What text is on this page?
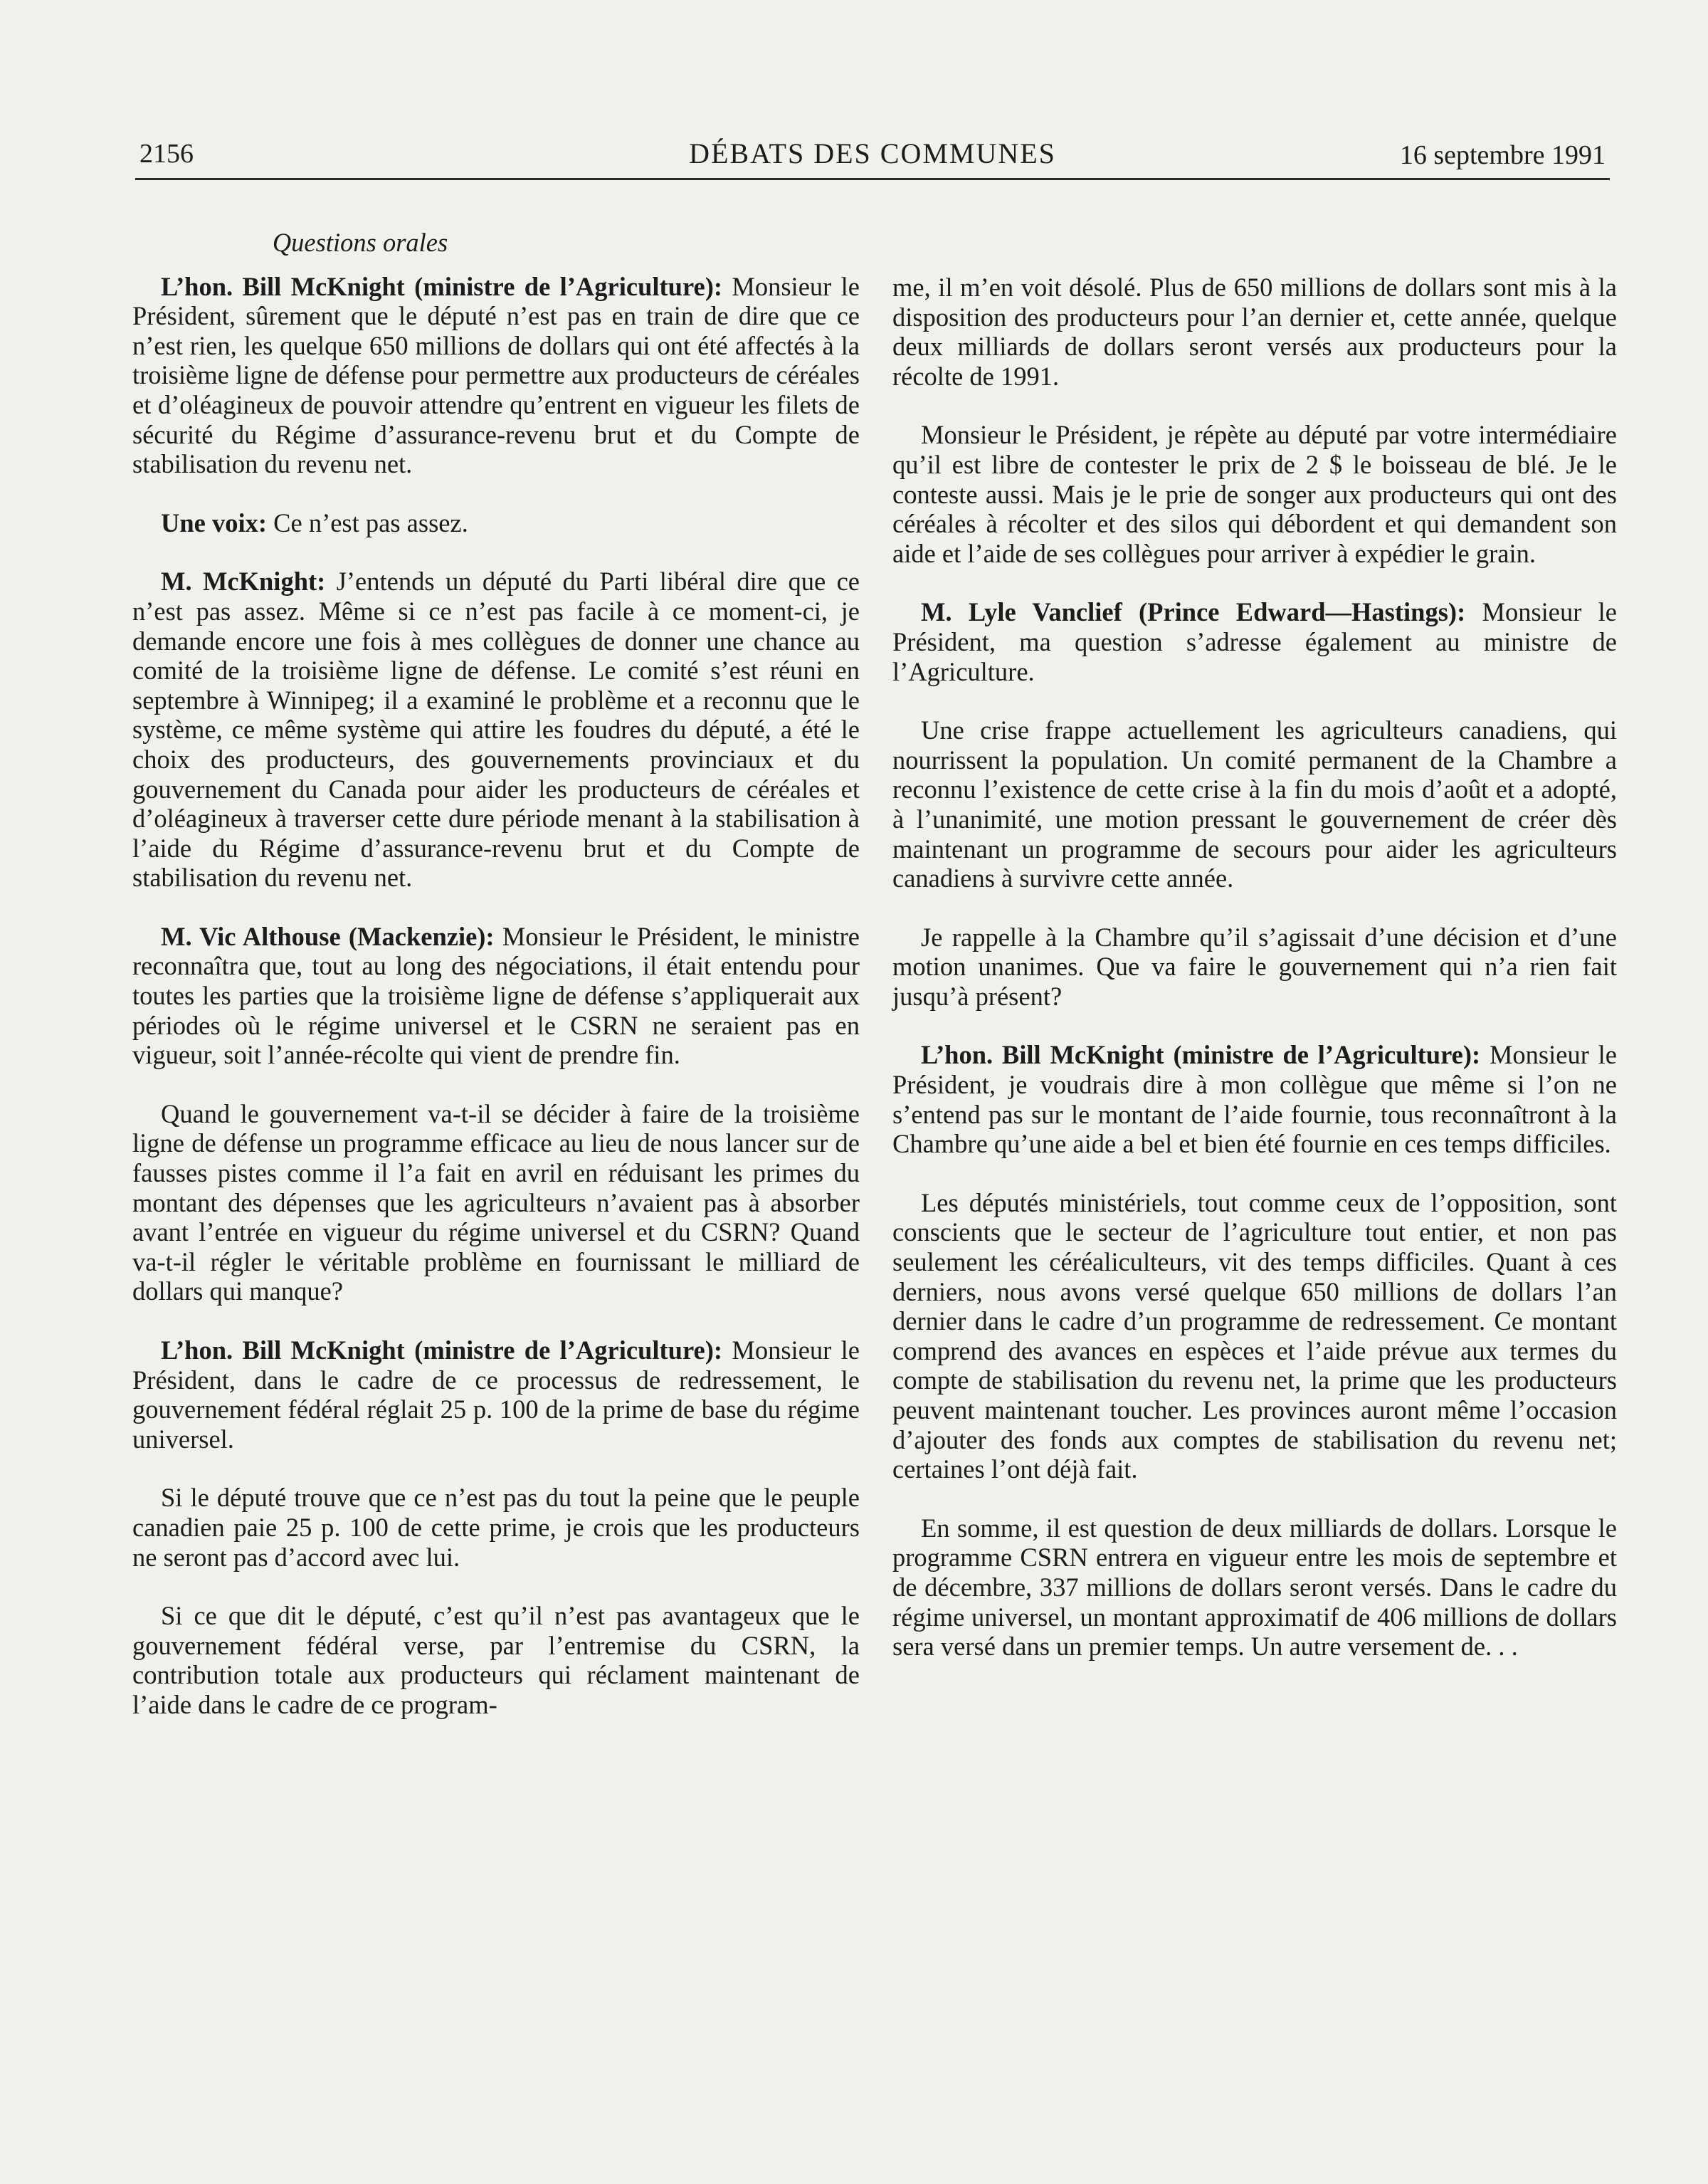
2156	DÉBATS DES COMMUNES	16 septembre 1991
Questions orales

L’hon. Bill McKnight (ministre de l’Agriculture): Monsieur le Président, sûrement que le député n’est pas en train de dire que ce n’est rien, les quelque 650 millions de dollars qui ont été affectés à la troisième ligne de défense pour permettre aux producteurs de céréales et d’oléagineux de pouvoir attendre qu’entrent en vigueur les filets de sécurité du Régime d’assurance-revenu brut et du Compte de stabilisation du revenu net.

Une voix: Ce n’est pas assez.

M. McKnight: J’entends un député du Parti libéral dire que ce n’est pas assez. Même si ce n’est pas facile à ce moment-ci, je demande encore une fois à mes collègues de donner une chance au comité de la troisième ligne de défense. Le comité s’est réuni en septembre à Winnipeg; il a examiné le problème et a reconnu que le système, ce même système qui attire les foudres du député, a été le choix des producteurs, des gouvernements provinciaux et du gouvernement du Canada pour aider les producteurs de céréales et d’oléagineux à traverser cette dure période menant à la stabilisation à l’aide du Régime d’assurance-revenu brut et du Compte de stabilisation du revenu net.

M. Vic Althouse (Mackenzie): Monsieur le Président, le ministre reconnaîtra que, tout au long des négociations, il était entendu pour toutes les parties que la troisième ligne de défense s’appliquerait aux périodes où le régime universel et le CSRN ne seraient pas en vigueur, soit l’année-récolte qui vient de prendre fin.

Quand le gouvernement va-t-il se décider à faire de la troisième ligne de défense un programme efficace au lieu de nous lancer sur de fausses pistes comme il l’a fait en avril en réduisant les primes du montant des dépenses que les agriculteurs n’avaient pas à absorber avant l’entrée en vigueur du régime universel et du CSRN? Quand va-t-il régler le véritable problème en fournissant le milliard de dollars qui manque?

L’hon. Bill McKnight (ministre de l’Agriculture): Monsieur le Président, dans le cadre de ce processus de redressement, le gouvernement fédéral réglait 25 p. 100 de la prime de base du régime universel.

Si le député trouve que ce n’est pas du tout la peine que le peuple canadien paie 25 p. 100 de cette prime, je crois que les producteurs ne seront pas d’accord avec lui.

Si ce que dit le député, c’est qu’il n’est pas avantageux que le gouvernement fédéral verse, par l’entremise du CSRN, la contribution totale aux producteurs qui réclament maintenant de l’aide dans le cadre de ce program-

me, il m’en voit désolé. Plus de 650 millions de dollars sont mis à la disposition des producteurs pour l’an dernier et, cette année, quelque deux milliards de dollars seront versés aux producteurs pour la récolte de 1991.

Monsieur le Président, je répète au député par votre intermédiaire qu’il est libre de contester le prix de 2 $ le boisseau de blé. Je le conteste aussi. Mais je le prie de songer aux producteurs qui ont des céréales à récolter et des silos qui débordent et qui demandent son aide et l’aide de ses collègues pour arriver à expédier le grain.

M. Lyle Vanclief (Prince Edward—Hastings): Monsieur le Président, ma question s’adresse également au ministre de l’Agriculture.

Une crise frappe actuellement les agriculteurs canadiens, qui nourrissent la population. Un comité permanent de la Chambre a reconnu l’existence de cette crise à la fin du mois d’août et a adopté, à l’unanimité, une motion pressant le gouvernement de créer dès maintenant un programme de secours pour aider les agriculteurs canadiens à survivre cette année.

Je rappelle à la Chambre qu’il s’agissait d’une décision et d’une motion unanimes. Que va faire le gouvernement qui n’a rien fait jusqu’à présent?

L’hon. Bill McKnight (ministre de l’Agriculture): Monsieur le Président, je voudrais dire à mon collègue que même si l’on ne s’entend pas sur le montant de l’aide fournie, tous reconnaîtront à la Chambre qu’une aide a bel et bien été fournie en ces temps difficiles.

Les députés ministériels, tout comme ceux de l’opposition, sont conscients que le secteur de l’agriculture tout entier, et non pas seulement les céréaliculteurs, vit des temps difficiles. Quant à ces derniers, nous avons versé quelque 650 millions de dollars l’an dernier dans le cadre d’un programme de redressement. Ce montant comprend des avances en espèces et l’aide prévue aux termes du compte de stabilisation du revenu net, la prime que les producteurs peuvent maintenant toucher. Les provinces auront même l’occasion d’ajouter des fonds aux comptes de stabilisation du revenu net; certaines l’ont déjà fait.

En somme, il est question de deux milliards de dollars. Lorsque le programme CSRN entrera en vigueur entre les mois de septembre et de décembre, 337 millions de dollars seront versés. Dans le cadre du régime universel, un montant approximatif de 406 millions de dollars sera versé dans un premier temps. Un autre versement de. . .
